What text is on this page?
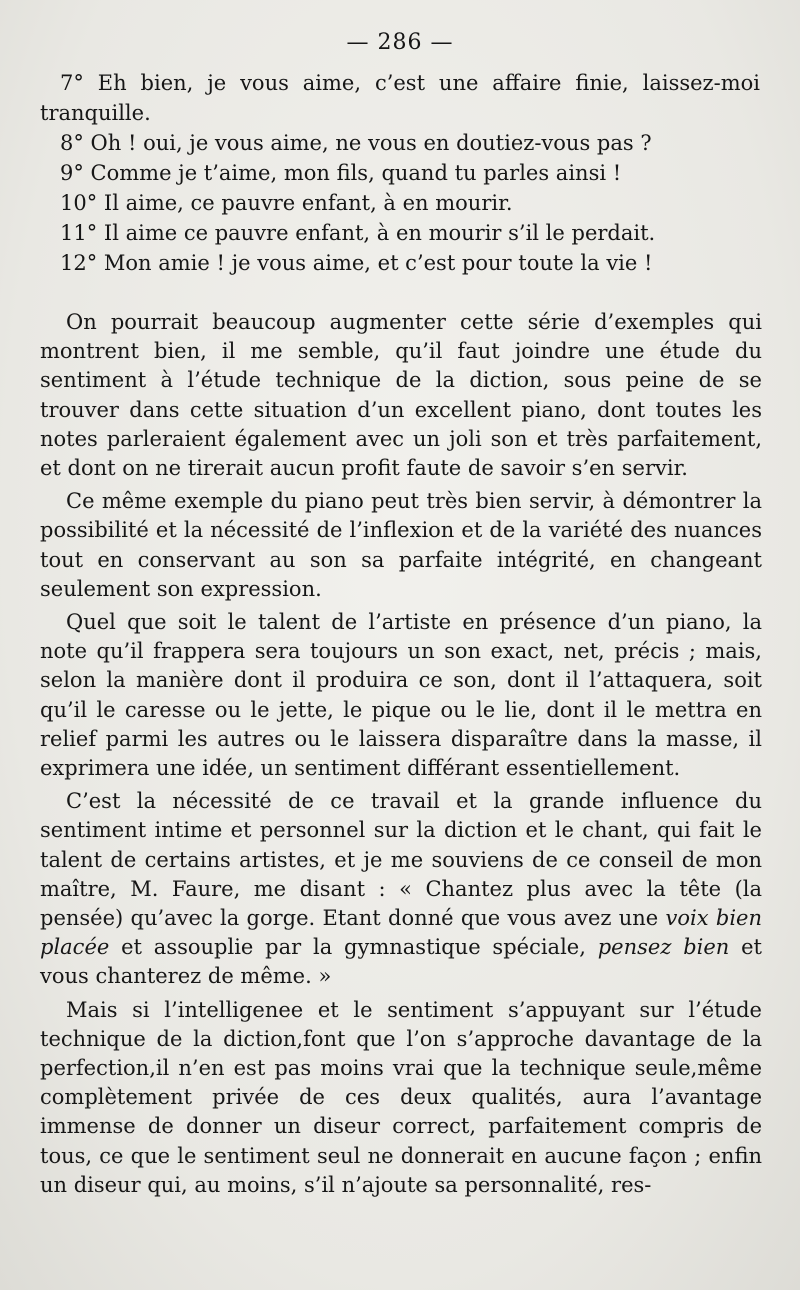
— 286 —
7° Eh bien, je vous aime, c’est une affaire finie, laissez-moi tranquille.
8° Oh ! oui, je vous aime, ne vous en doutiez-vous pas ?
9° Comme je t’aime, mon fils, quand tu parles ainsi !
10° Il aime, ce pauvre enfant, à en mourir.
11° Il aime ce pauvre enfant, à en mourir s’il le perdait.
12° Mon amie ! je vous aime, et c’est pour toute la vie !

On pourrait beaucoup augmenter cette série d’exemples qui montrent bien, il me semble, qu’il faut joindre une étude du sentiment à l’étude technique de la diction, sous peine de se trouver dans cette situation d’un excellent piano, dont toutes les notes parleraient également avec un joli son et très parfaitement, et dont on ne tirerait aucun profit faute de savoir s’en servir.

Ce même exemple du piano peut très bien servir, à démontrer la possibilité et la nécessité de l’inflexion et de la variété des nuances tout en conservant au son sa parfaite intégrité, en changeant seulement son expression.

Quel que soit le talent de l’artiste en présence d’un piano, la note qu’il frappera sera toujours un son exact, net, précis ; mais, selon la manière dont il produira ce son, dont il l’attaquera, soit qu’il le caresse ou le jette, le pique ou le lie, dont il le mettra en relief parmi les autres ou le laissera disparaître dans la masse, il exprimera une idée, un sentiment différant essentiellement.

C’est la nécessité de ce travail et la grande influence du sentiment intime et personnel sur la diction et le chant, qui fait le talent de certains artistes, et je me souviens de ce conseil de mon maître, M. Faure, me disant : « Chantez plus avec la tête (la pensée) qu’avec la gorge. Etant donné que vous avez une voix bien placée et assouplie par la gymnastique spéciale, pensez bien et vous chanterez de même. »

Mais si l’intelligenee et le sentiment s’appuyant sur l’étude technique de la diction,font que l’on s’approche davantage de la perfection,il n’en est pas moins vrai que la technique seule,même complètement privée de ces deux qualités, aura l’avantage immense de donner un diseur correct, parfaitement compris de tous, ce que le sentiment seul ne donnerait en aucune façon ; enfin un diseur qui, au moins, s’il n’ajoute sa personnalité, res-
